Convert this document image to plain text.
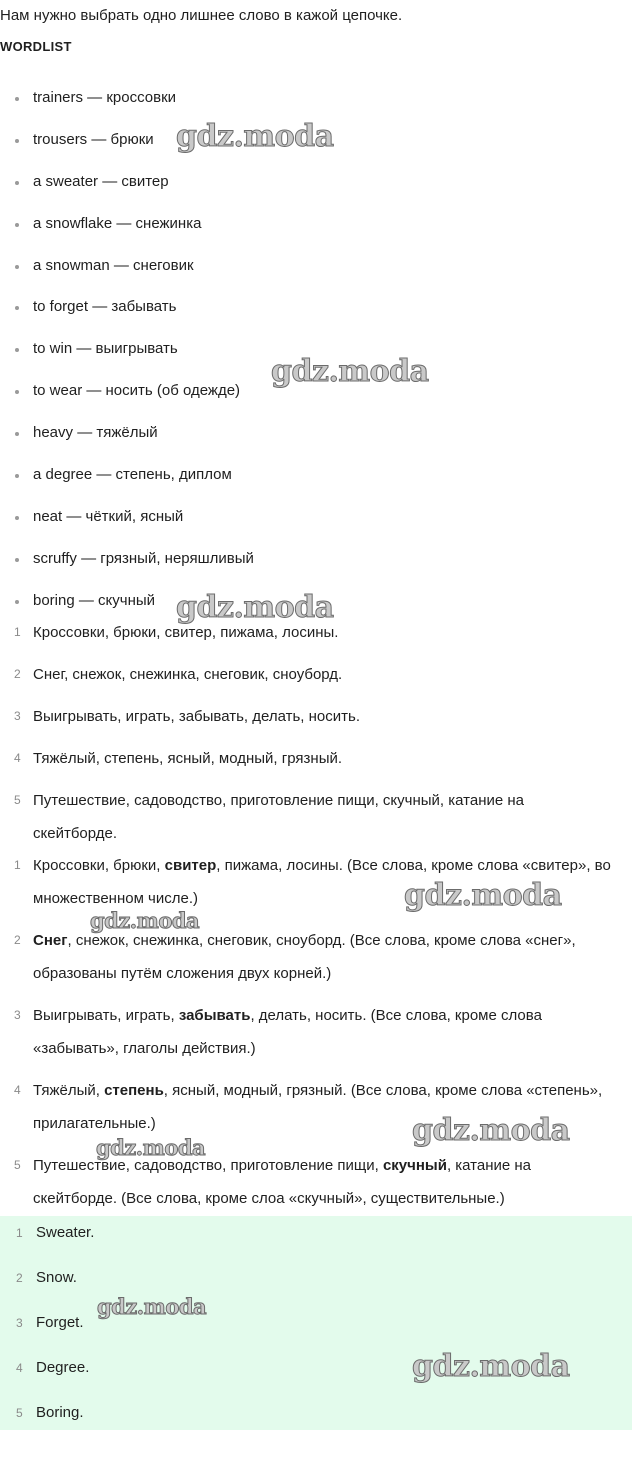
Нам нужно выбрать одно лишнее слово в кажой цепочке.

WORDLIST

trainers — кроссовки
trousers — брюки
a sweater — свитер
a snowflake — снежинка
a snowman — снеговик
to forget — забывать
to win — выигрывать
to wear — носить (об одежде)
heavy — тяжёлый
a degree — степень, диплом
neat — чёткий, ясный
scruffy — грязный, неряшливый
boring — скучный
1 Кроссовки, брюки, свитер, пижама, лосины.
2 Снег, снежок, снежинка, снеговик, сноуборд.
3 Выигрывать, играть, забывать, делать, носить.
4 Тяжёлый, степень, ясный, модный, грязный.
5 Путешествие, садоводство, приготовление пищи, скучный, катание на скейтборде.
1 Кроссовки, брюки, свитер, пижама, лосины. (Все слова, кроме слова «свитер», во множественном числе.)
2 Снег, снежок, снежинка, снеговик, сноуборд. (Все слова, кроме слова «снег», образованы путём сложения двух корней.)
3 Выигрывать, играть, забывать, делать, носить. (Все слова, кроме слова «забывать», глаголы действия.)
4 Тяжёлый, степень, ясный, модный, грязный. (Все слова, кроме слова «степень», прилагательные.)
5 Путешествие, садоводство, приготовление пищи, скучный, катание на скейтборде. (Все слова, кроме слоа «скучный», существительные.)
1 Sweater.
2 Snow.
3 Forget.
4 Degree.
5 Boring.
gdz.moda
gdz.moda
gdz.moda
gdz.moda
gdz.moda
gdz.moda
gdz.moda
gdz.moda
gdz.moda
